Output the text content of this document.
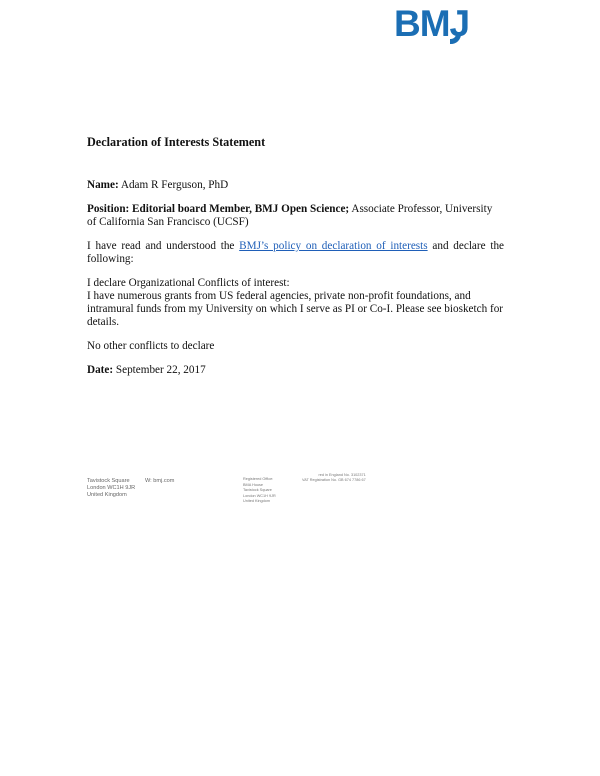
BMJ
Declaration of Interests Statement
Name: Adam R Ferguson, PhD
Position: Editorial board Member, BMJ Open Science; Associate Professor, University of California San Francisco (UCSF)
I have read and understood the BMJ’s policy on declaration of interests and declare the following:
I declare Organizational Conflicts of interest:
I have numerous grants from US federal agencies, private non-profit foundations, and intramural funds from my University on which I serve as PI or Co-I. Please see biosketch for details.
No other conflicts to declare
Date: September 22, 2017
Tavistock Square
London WC1H 9JR
United Kingdom
W: bmj.com	Registered Office:
BMA House
Tavistock Square
London WC1H 9JR
United Kingdom
red in England No. 3102371
VAT Registration No. GB 674 7786 67
